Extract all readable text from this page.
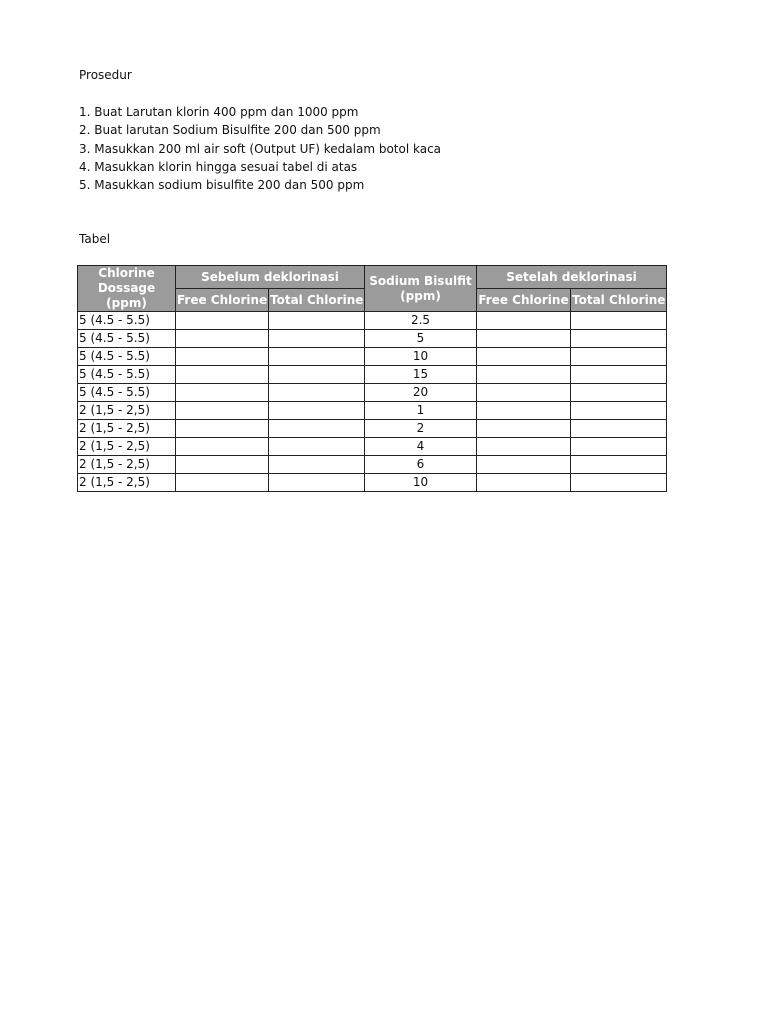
Prosedur
1. Buat Larutan klorin 400 ppm dan 1000 ppm
2. Buat larutan Sodium Bisulfite 200 dan 500 ppm
3. Masukkan 200 ml air soft (Output UF) kedalam botol kaca
4. Masukkan klorin hingga sesuai tabel di atas
5. Masukkan sodium bisulfite 200 dan 500 ppm
Tabel
Chlorine Dossage (ppm)	Sebelum deklorinasi		Sodium Bisulfit (ppm)	Setelah deklorinasi	
	Free Chlorine	Total Chlorine		Free Chlorine	Total Chlorine
5 (4.5 - 5.5)			2.5		
5 (4.5 - 5.5)			5		
5 (4.5 - 5.5)			10		
5 (4.5 - 5.5)			15		
5 (4.5 - 5.5)			20		
2 (1,5 - 2,5)			1		
2 (1,5 - 2,5)			2		
2 (1,5 - 2,5)			4		
2 (1,5 - 2,5)			6		
2 (1,5 - 2,5)			10		
